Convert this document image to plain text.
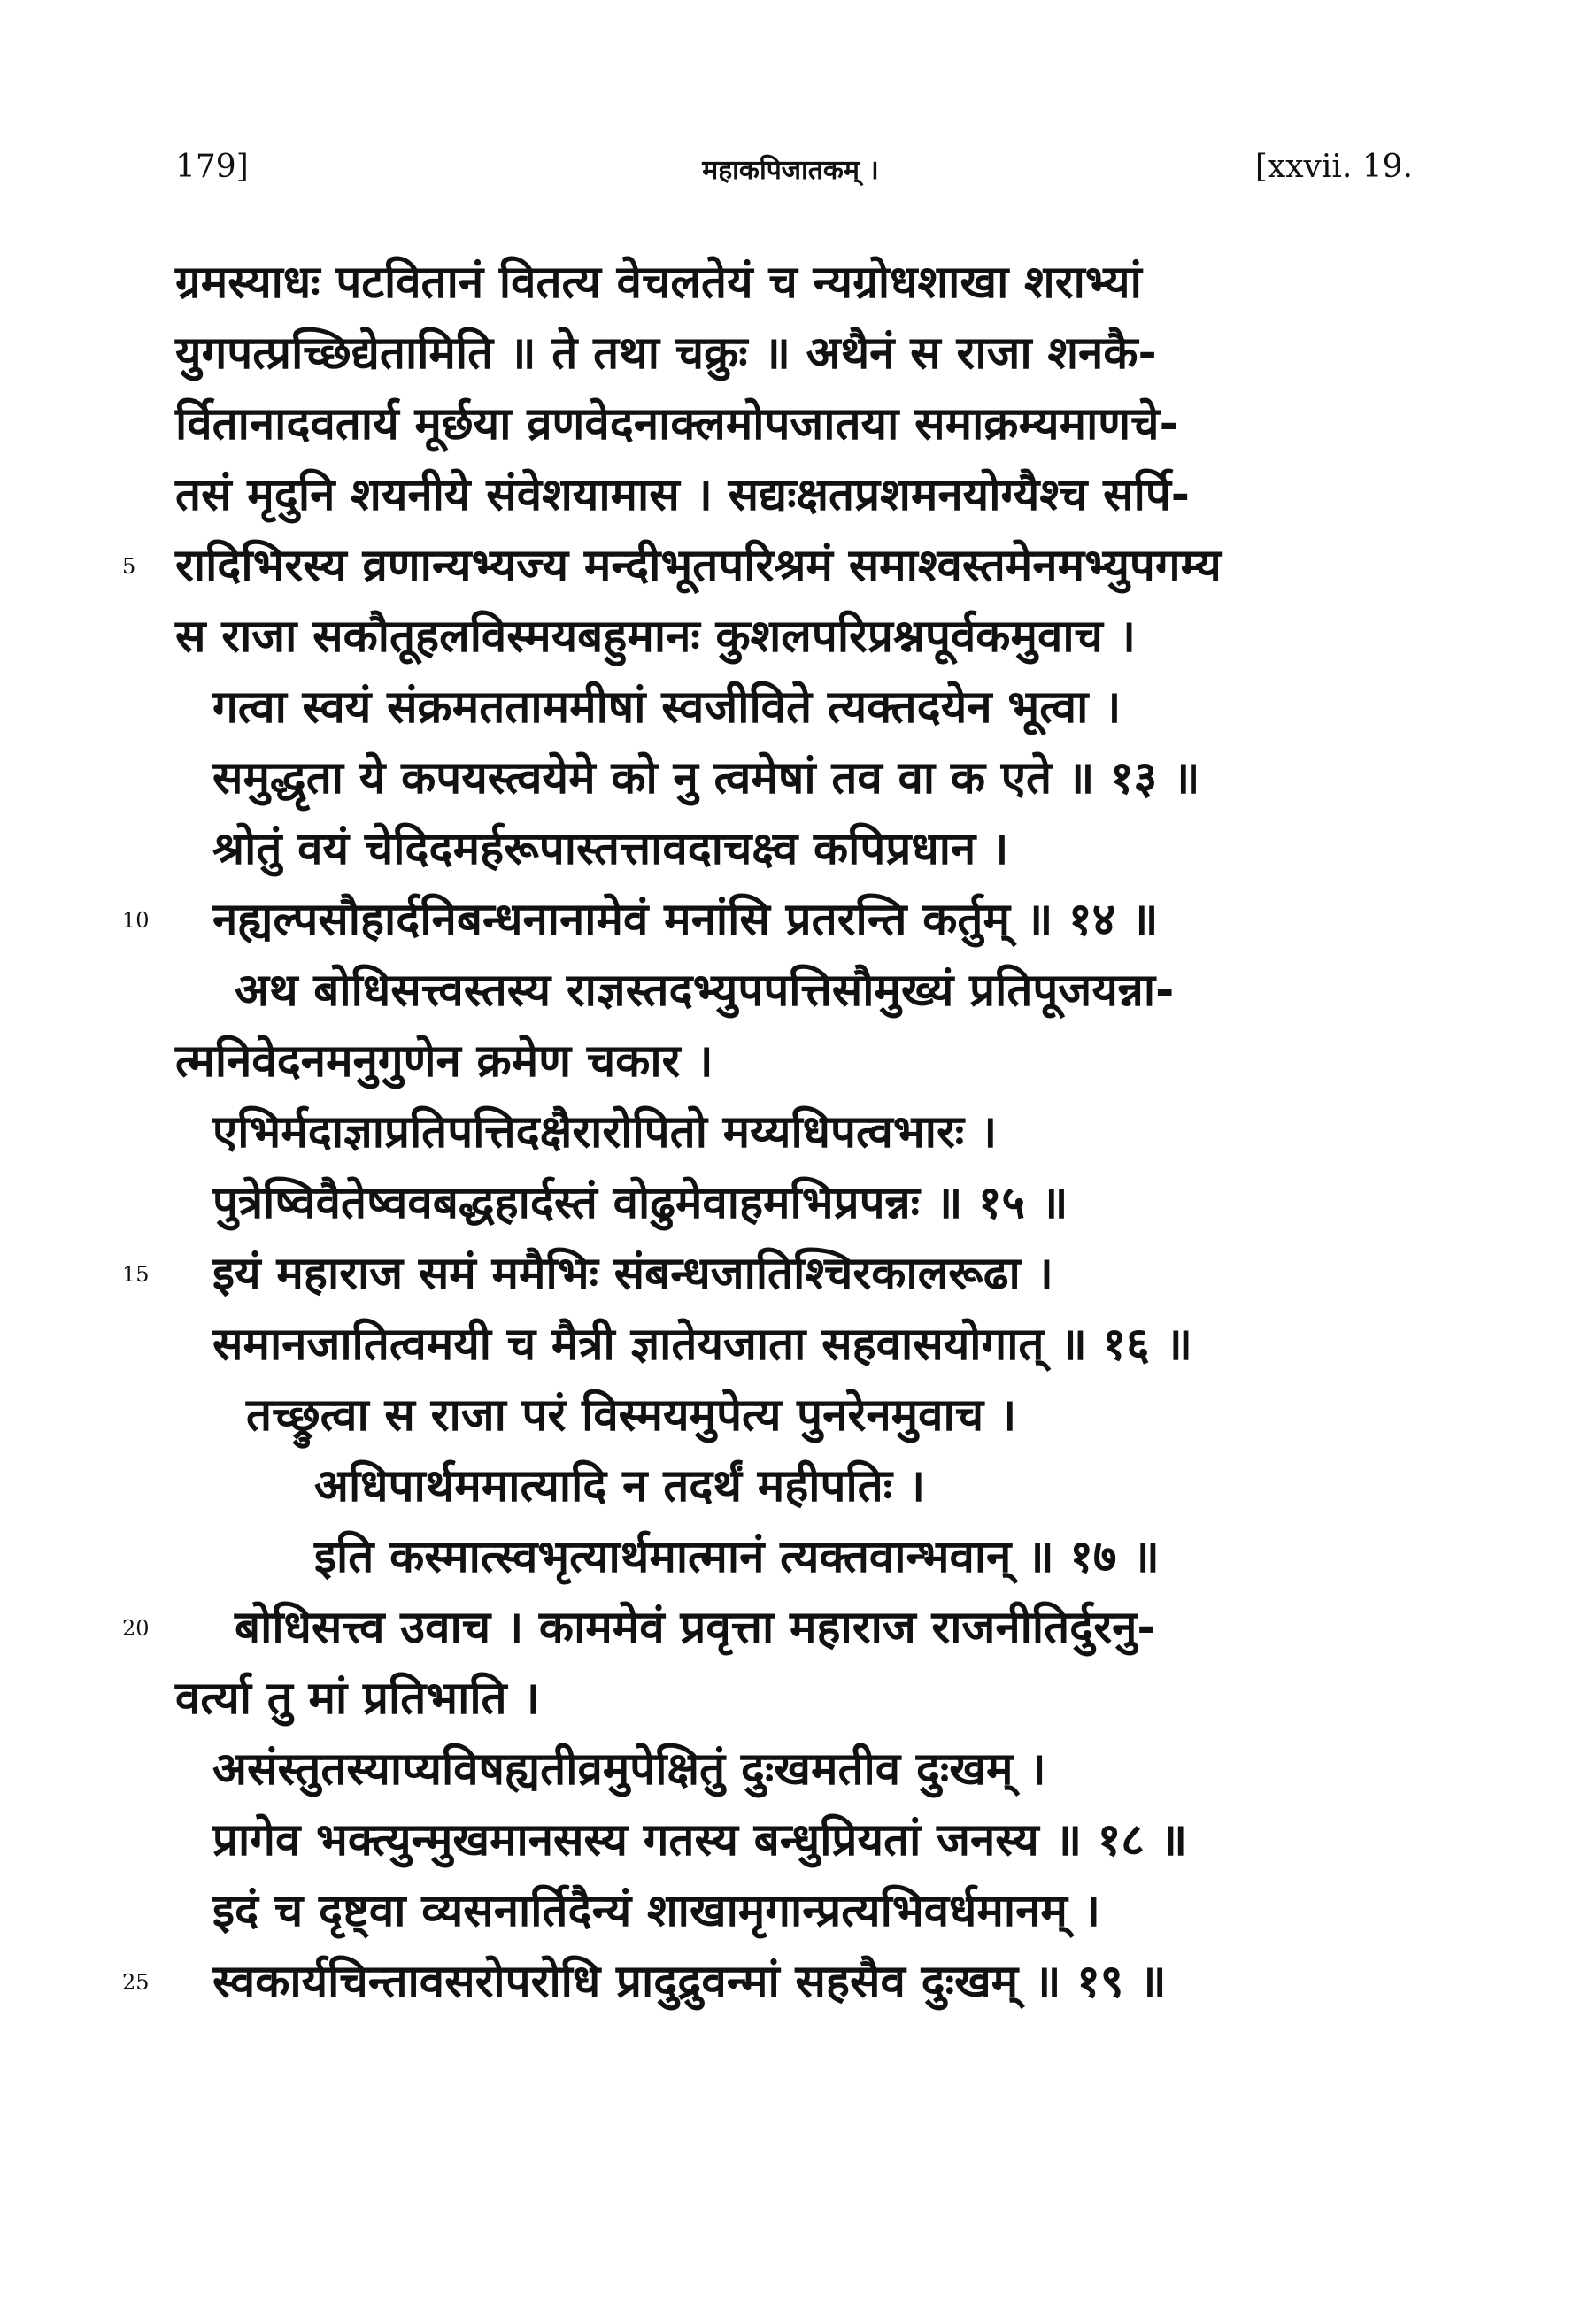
179]	महाकपिजातकम् ।	[xxvii. 19.
ग्रमस्याधः पटवितानं वितत्य वेचलतेयं च न्यग्रोधशाखा शराभ्यां
युगपत्प्रच्छिद्येतामिति ॥ ते तथा चक्रुः ॥ अथैनं स राजा शनकै-
र्वितानादवतार्य मूर्छया व्रणवेदनाक्लमोपजातया समाक्रम्यमाणचे-
तसं मृदुनि शयनीये संवेशयामास । सद्यःक्षतप्रशमनयोग्यैश्च सर्पि-
5 रादिभिरस्य व्रणान्यभ्यज्य मन्दीभूतपरिश्रमं समाश्वस्तमेनमभ्युपगम्य
स राजा सकौतूहलविस्मयबहुमानः कुशलपरिप्रश्नपूर्वकमुवाच ।
गत्वा स्वयं संक्रमतताममीषां स्वजीविते त्यक्तदयेन भूत्वा ।
समुद्धृता ये कपयस्त्वयेमे को नु त्वमेषां तव वा क एते ॥ १३ ॥
श्रोतुं वयं चेदिदमर्हरूपास्तत्तावदाचक्ष्व कपिप्रधान ।
10	नह्यल्पसौहार्दनिबन्धनानामेवं मनांसि प्रतरन्ति कर्तुम् ॥ १४ ॥
अथ बोधिसत्त्वस्तस्य राज्ञस्तदभ्युपपत्तिसौमुख्यं प्रतिपूजयन्ना-
त्मनिवेदनमनुगुणेन क्रमेण चकार ।
एभिर्मदाज्ञाप्रतिपत्तिदक्षैरारोपितो मय्यधिपत्वभारः ।
पुत्रेष्विवैतेष्ववबद्धहार्दस्तं वोढुमेवाहमभिप्रपन्नः ॥ १५ ॥
15	इयं महाराज समं ममैभिः संबन्धजातिश्चिरकालरूढा ।
समानजातित्वमयी च मैत्री ज्ञातेयजाता सहवासयोगात् ॥ १६ ॥
तच्छ्रुत्वा स राजा परं विस्मयमुपेत्य पुनरेनमुवाच ।
अधिपार्थममात्यादि न तदर्थं महीपतिः ।
इति कस्मात्स्वभृत्यार्थमात्मानं त्यक्तवान्भवान् ॥ १७ ॥
20	बोधिसत्त्व उवाच । काममेवं प्रवृत्ता महाराज राजनीतिर्दुरनु-
वर्त्या तु मां प्रतिभाति ।
असंस्तुतस्याप्यविषह्यतीव्रमुपेक्षितुं दुःखमतीव दुःखम् ।
प्रागेव भक्त्युन्मुखमानसस्य गतस्य बन्धुप्रियतां जनस्य ॥ १८ ॥
इदं च दृष्ट्वा व्यसनार्तिदैन्यं शाखामृगान्प्रत्यभिवर्धमानम् ।
25	स्वकार्यचिन्तावसरोपरोधि प्रादुद्रुवन्मां सहसैव दुःखम् ॥ १९ ॥
